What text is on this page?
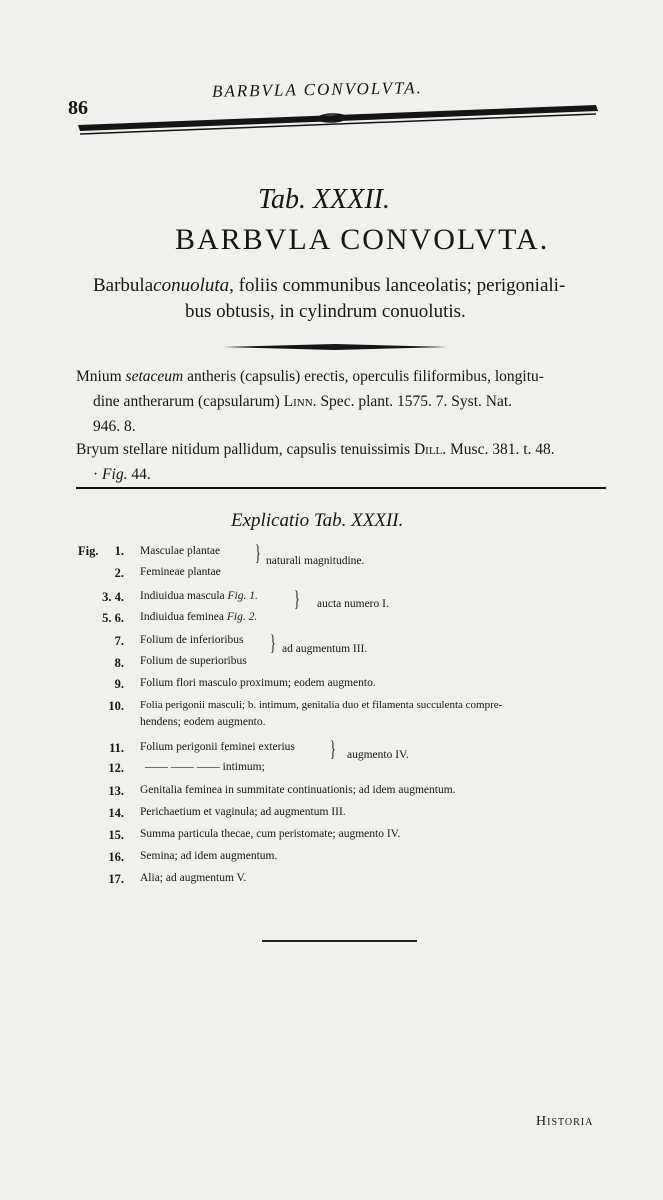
86
BARBVLA CONVOLVTA.
Tab. XXXII.
BARBVLA CONVOLVTA.
Barbulaconuoluta, foliis communibus lanceolatis; perigoniali-
bus obtusis, in cylindrum conuolutis.
Mnium setaceum antheris (capsulis) erectis, operculis filiformibus, longitu-
dine antherarum (capsularum) Linn. Spec. plant. 1575. 7. Syst. Nat.
946. 8.
Bryum stellare nitidum pallidum, capsulis tenuissimis Dill. Musc. 381. t. 48.
· Fig. 44.
Explicatio Tab. XXXII.
Fig.	1. Masculae plantae
2. Femineae plantae
} naturali magnitudine.
3. 4. Indiuidua mascula Fig. 1.
5. 6. Indiuidua feminea Fig. 2.
} aucta numero I.
7. Folium de inferioribus
8. Folium de superioribus
} ad augmentum III.
9. Folium flori masculo proximum; eodem augmento.
10. Folia perigonii masculi; b. intimum, genitalia duo et filamenta succulenta compre-
hendens; eodem augmento.
11. Folium perigonii feminei exterius
12. —— —— —— intimum;
} augmento IV.
13. Genitalia feminea in summitate continuationis; ad idem augmentum.
14. Perichaetium et vaginula; ad augmentum III.
15. Summa particula thecae, cum peristomate; augmento IV.
16. Semina; ad idem augmentum.
17. Alia; ad augmentum V.
Historia
